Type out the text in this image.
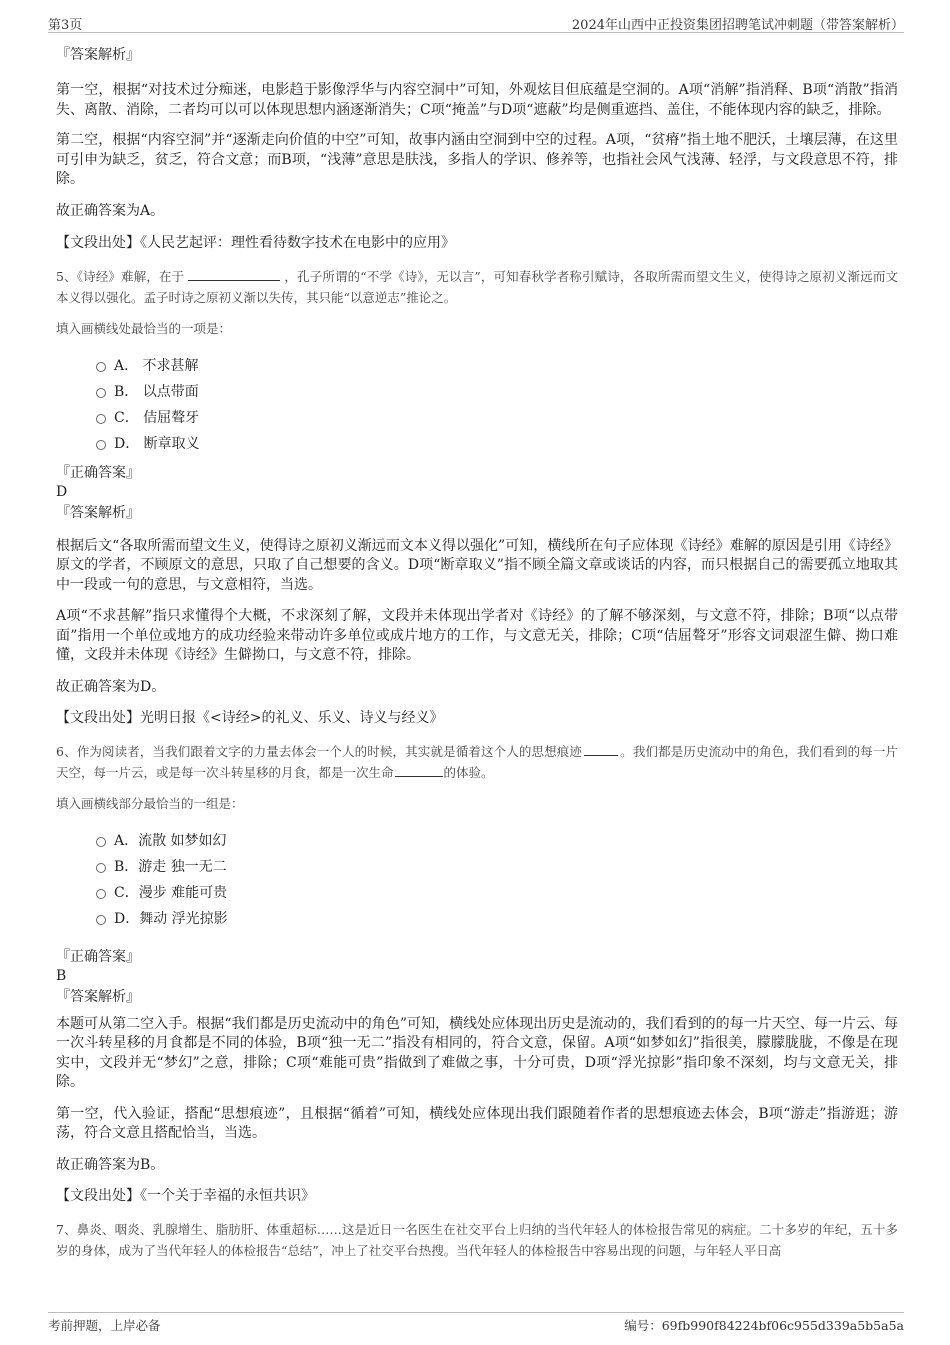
第3页	2024年山西中正投资集团招聘笔试冲刺题（带答案解析）

『答案解析』

第一空，根据“对技术过分痴迷，电影趋于影像浮华与内容空洞中”可知，外观炫目但底蕴是空洞的。A项“消解”指消释、B项“消散”指消失、离散、消除，二者均可以可以体现思想内涵逐渐消失；C项“掩盖”与D项“遮蔽”均是侧重遮挡、盖住，不能体现内容的缺乏，排除。

第二空，根据“内容空洞”并“逐渐走向价值的中空”可知，故事内涵由空洞到中空的过程。A项，“贫瘠”指土地不肥沃，土壤层薄，在这里可引申为缺乏，贫乏，符合文意；而B项，“浅薄”意思是肤浅，多指人的学识、修养等，也指社会风气浅薄、轻浮，与文段意思不符，排除。

故正确答案为A。

【文段出处】《人民艺起评：理性看待数字技术在电影中的应用》

5、《诗经》难解，在于	，孔子所谓的“不学《诗》，无以言”，可知春秋学者称引赋诗，各取所需而望文生义，使得诗之原初义渐远而文本义得以强化。孟子时诗之原初义渐以失传，其只能“以意逆志”推论之。

填入画横线处最恰当的一项是：

A． 不求甚解
B． 以点带面
C． 佶屈聱牙
D． 断章取义

『正确答案』

D

『答案解析』

根据后文“各取所需而望文生义，使得诗之原初义渐远而文本义得以强化”可知，横线所在句子应体现《诗经》难解的原因是引用《诗经》原文的学者，不顾原文的意思，只取了自己想要的含义。D项“断章取义”指不顾全篇文章或谈话的内容，而只根据自己的需要孤立地取其中一段或一句的意思，与文意相符，当选。

A项“不求甚解”指只求懂得个大概，不求深刻了解，文段并未体现出学者对《诗经》的了解不够深刻，与文意不符，排除；B项“以点带面”指用一个单位或地方的成功经验来带动许多单位或成片地方的工作，与文意无关，排除；C项“佶屈聱牙”形容文词艰涩生僻、拗口难懂，文段并未体现《诗经》生僻拗口，与文意不符，排除。

故正确答案为D。

【文段出处】光明日报《<诗经>的礼义、乐义、诗义与经义》

6、作为阅读者，当我们跟着文字的力量去体会一个人的时候，其实就是循着这个人的思想痕迹	。我们都是历史流动中的角色，我们看到的每一片天空，每一片云，或是每一次斗转星移的月食，都是一次生命	的体验。

填入画横线部分最恰当的一组是：

A．流散 如梦如幻
B．游走 独一无二
C．漫步 难能可贵
D．舞动 浮光掠影

『正确答案』

B

『答案解析』

本题可从第二空入手。根据“我们都是历史流动中的角色”可知，横线处应体现出历史是流动的，我们看到的的每一片天空、每一片云、每一次斗转星移的月食都是不同的体验，B项“独一无二”指没有相同的，符合文意，保留。A项“如梦如幻”指很美，朦朦胧胧，不像是在现实中，文段并无“梦幻”之意，排除；C项“难能可贵”指做到了难做之事，十分可贵，D项“浮光掠影”指印象不深刻，均与文意无关，排除。

第一空，代入验证，搭配“思想痕迹”，且根据“循着”可知，横线处应体现出我们跟随着作者的思想痕迹去体会，B项“游走”指游逛；游荡，符合文意且搭配恰当，当选。

故正确答案为B。

【文段出处】《一个关于幸福的永恒共识》

7、鼻炎、咽炎、乳腺增生、脂肪肝、体重超标……这是近日一名医生在社交平台上归纳的当代年轻人的体检报告常见的病症。二十多岁的年纪，五十多岁的身体，成为了当代年轻人的体检报告“总结”，冲上了社交平台热搜。当代年轻人的体检报告中容易出现的问题，与年轻人平日高

考前押题，上岸必备	编号：69fb990f84224bf06c955d339a5b5a5a
